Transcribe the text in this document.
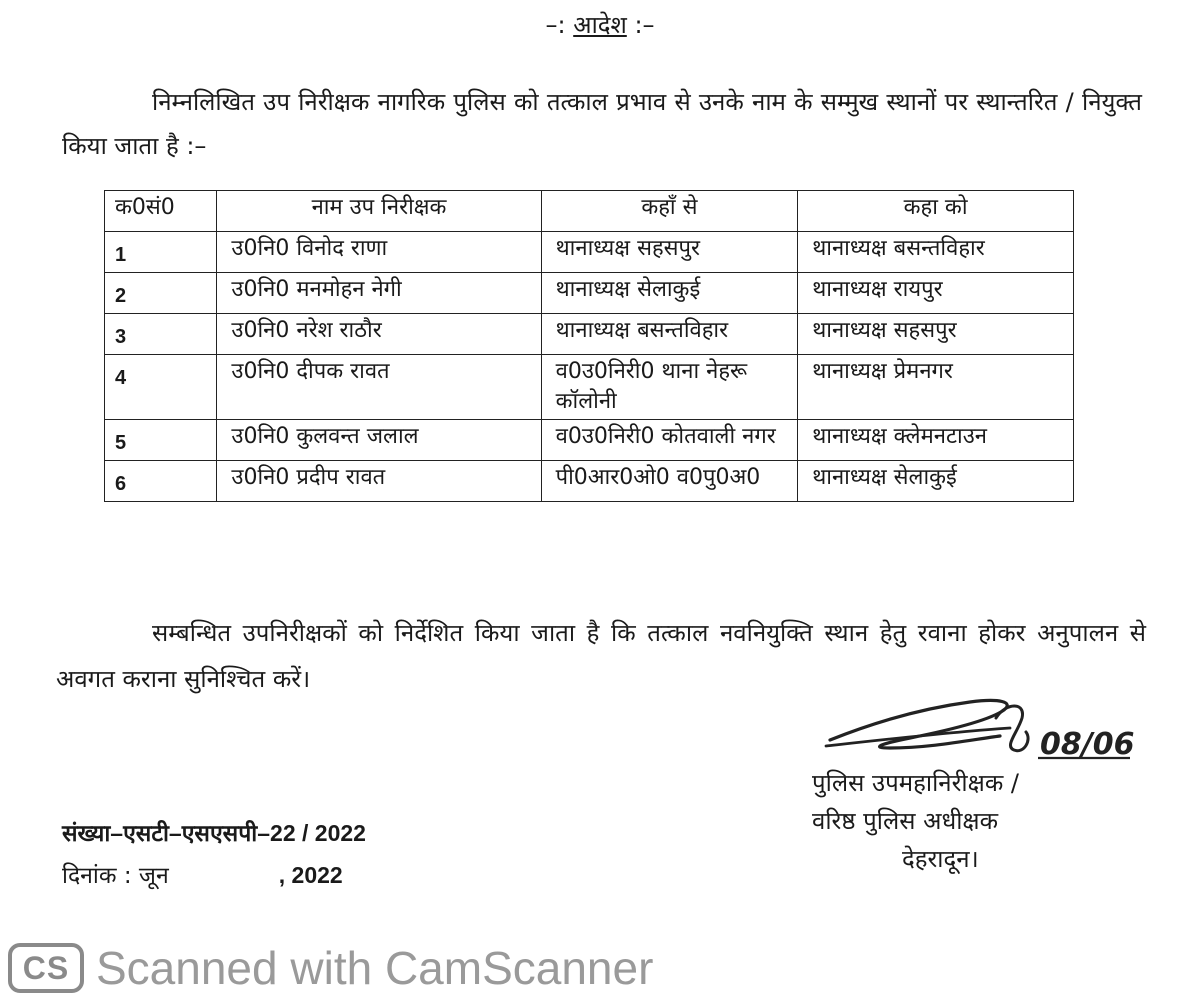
–: आदेश :–
निम्नलिखित उप निरीक्षक नागरिक पुलिस को तत्काल प्रभाव से उनके नाम के सम्मुख स्थानों पर स्थान्तरित / नियुक्त किया जाता है :–
क0सं0	नाम उप निरीक्षक	कहाँ से	कहा को
1	उ0नि0 विनोद राणा	थानाध्यक्ष सहसपुर	थानाध्यक्ष बसन्तविहार
2	उ0नि0 मनमोहन नेगी	थानाध्यक्ष सेलाकुई	थानाध्यक्ष रायपुर
3	उ0नि0 नरेश राठौर	थानाध्यक्ष बसन्तविहार	थानाध्यक्ष सहसपुर
4	उ0नि0 दीपक रावत	व0उ0निरी0 थाना नेहरू कॉलोनी	थानाध्यक्ष प्रेमनगर
5	उ0नि0 कुलवन्त जलाल	व0उ0निरी0 कोतवाली नगर	थानाध्यक्ष क्लेमनटाउन
6	उ0नि0 प्रदीप रावत	पी0आर0ओ0 व0पु0अ0	थानाध्यक्ष सेलाकुई
सम्बन्धित उपनिरीक्षकों को निर्देशित किया जाता है कि तत्काल नवनियुक्ति स्थान हेतु रवाना होकर अनुपालन से अवगत कराना सुनिश्चित करें।
08/06
पुलिस उपमहानिरीक्षक /
वरिष्ठ पुलिस अधीक्षक
देहरादून।
संख्या–एसटी–एसएसपी–22 / 2022
दिनांक : जून	, 2022
CS Scanned with CamScanner
